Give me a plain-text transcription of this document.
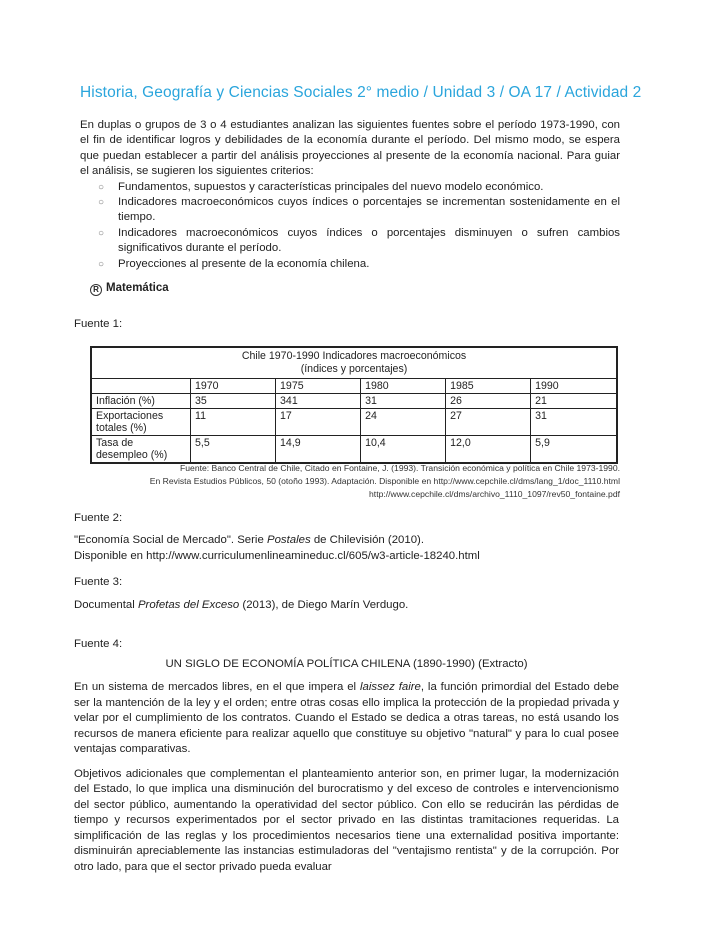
Historia, Geografía y Ciencias Sociales 2° medio / Unidad 3 / OA 17 / Actividad 2

En duplas o grupos de 3 o 4 estudiantes analizan las siguientes fuentes sobre el período 1973-1990, con el fin de identificar logros y debilidades de la economía durante el período. Del mismo modo, se espera que puedan establecer a partir del análisis proyecciones al presente de la economía nacional. Para guiar el análisis, se sugieren los siguientes criterios:

○ Fundamentos, supuestos y características principales del nuevo modelo económico.
○ Indicadores macroeconómicos cuyos índices o porcentajes se incrementan sostenidamente en el tiempo.
○ Indicadores macroeconómicos cuyos índices o porcentajes disminuyen o sufren cambios significativos durante el período.
○ Proyecciones al presente de la economía chilena.
R Matemática
Fuente 1:
Chile 1970-1990 Indicadores macroeconómicos
(índices y porcentajes)					

	1970	1975	1980	1985	1990
Inflación (%)	35	341	31	26	21
Exportaciones totales (%)	11	17	24	27	31
Tasa de desempleo (%)	5,5	14,9	10,4	12,0	5,9
Fuente: Banco Central de Chile, Citado en Fontaine, J. (1993). Transición económica y política en Chile 1973-1990.
En Revista Estudios Públicos, 50 (otoño 1993). Adaptación. Disponible en http://www.cepchile.cl/dms/lang_1/doc_1110.html
http://www.cepchile.cl/dms/archivo_1110_1097/rev50_fontaine.pdf
Fuente 2:
"Economía Social de Mercado". Serie Postales de Chilevisión (2010).
Disponible en http://www.curriculumenlineamineduc.cl/605/w3-article-18240.html
Fuente 3:
Documental Profetas del Exceso (2013), de Diego Marín Verdugo.
Fuente 4:
UN SIGLO DE ECONOMÍA POLÍTICA CHILENA (1890-1990) (Extracto)

En un sistema de mercados libres, en el que impera el laissez faire, la función primordial del Estado debe ser la mantención de la ley y el orden; entre otras cosas ello implica la protección de la propiedad privada y velar por el cumplimiento de los contratos. Cuando el Estado se dedica a otras tareas, no está usando los recursos de manera eficiente para realizar aquello que constituye su objetivo "natural" y para lo cual posee ventajas comparativas.

Objetivos adicionales que complementan el planteamiento anterior son, en primer lugar, la modernización del Estado, lo que implica una disminución del burocratismo y del exceso de controles e intervencionismo del sector público, aumentando la operatividad del sector público. Con ello se reducirán las pérdidas de tiempo y recursos experimentados por el sector privado en las distintas tramitaciones requeridas. La simplificación de las reglas y los procedimientos necesarios tiene una externalidad positiva importante: disminuirán apreciablemente las instancias estimuladoras del "ventajismo rentista" y de la corrupción. Por otro lado, para que el sector privado pueda evaluar
